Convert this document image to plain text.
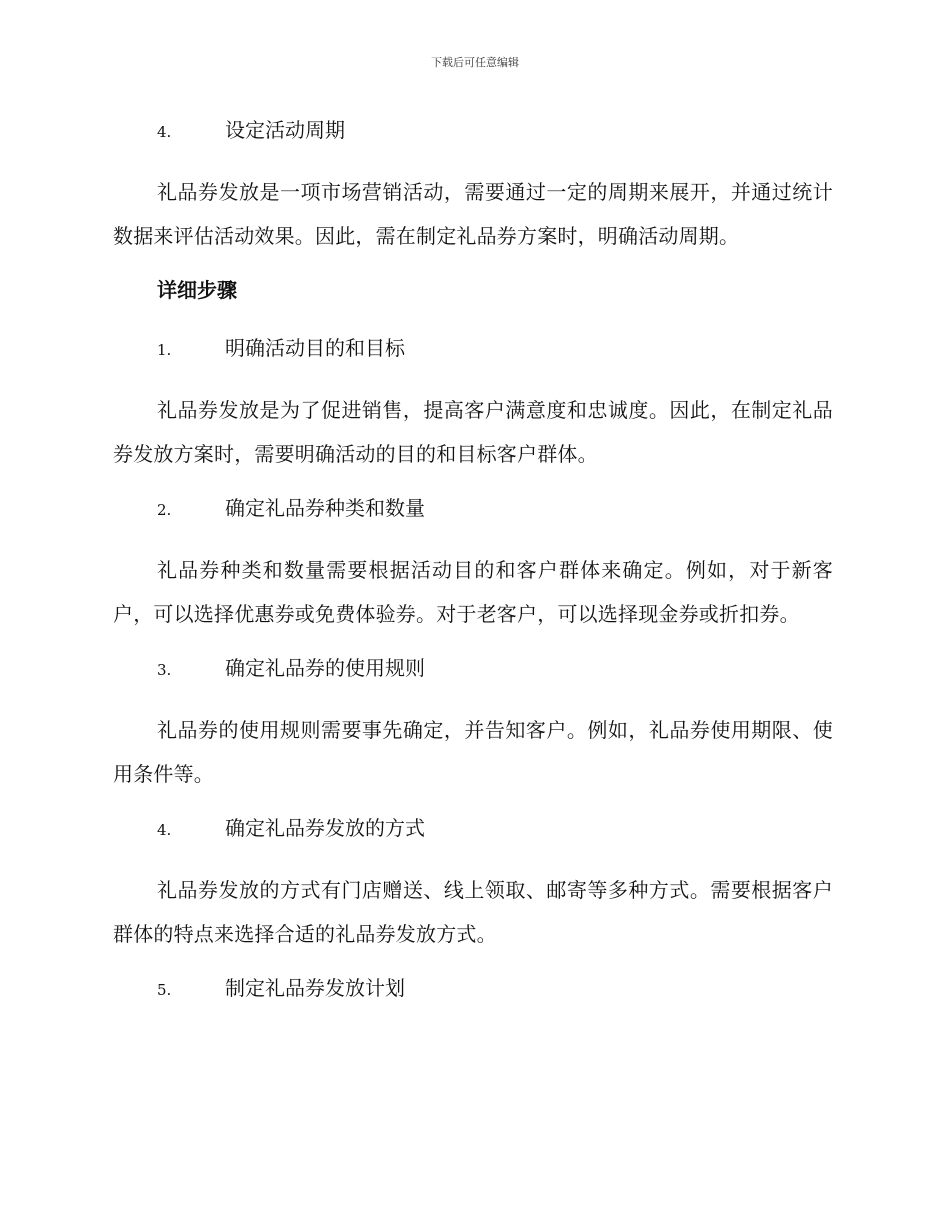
下载后可任意编辑
4.	设定活动周期

礼品券发放是一项市场营销活动，需要通过一定的周期来展开，并通过统计数据来评估活动效果。因此，需在制定礼品券方案时，明确活动周期。

详细步骤
1.	明确活动目的和目标

礼品券发放是为了促进销售，提高客户满意度和忠诚度。因此，在制定礼品券发放方案时，需要明确活动的目的和目标客户群体。

2.	确定礼品券种类和数量

礼品券种类和数量需要根据活动目的和客户群体来确定。例如，对于新客户，可以选择优惠券或免费体验券。对于老客户，可以选择现金券或折扣券。

3.	确定礼品券的使用规则

礼品券的使用规则需要事先确定，并告知客户。例如，礼品券使用期限、使用条件等。

4.	确定礼品券发放的方式

礼品券发放的方式有门店赠送、线上领取、邮寄等多种方式。需要根据客户群体的特点来选择合适的礼品券发放方式。

5.	制定礼品券发放计划
